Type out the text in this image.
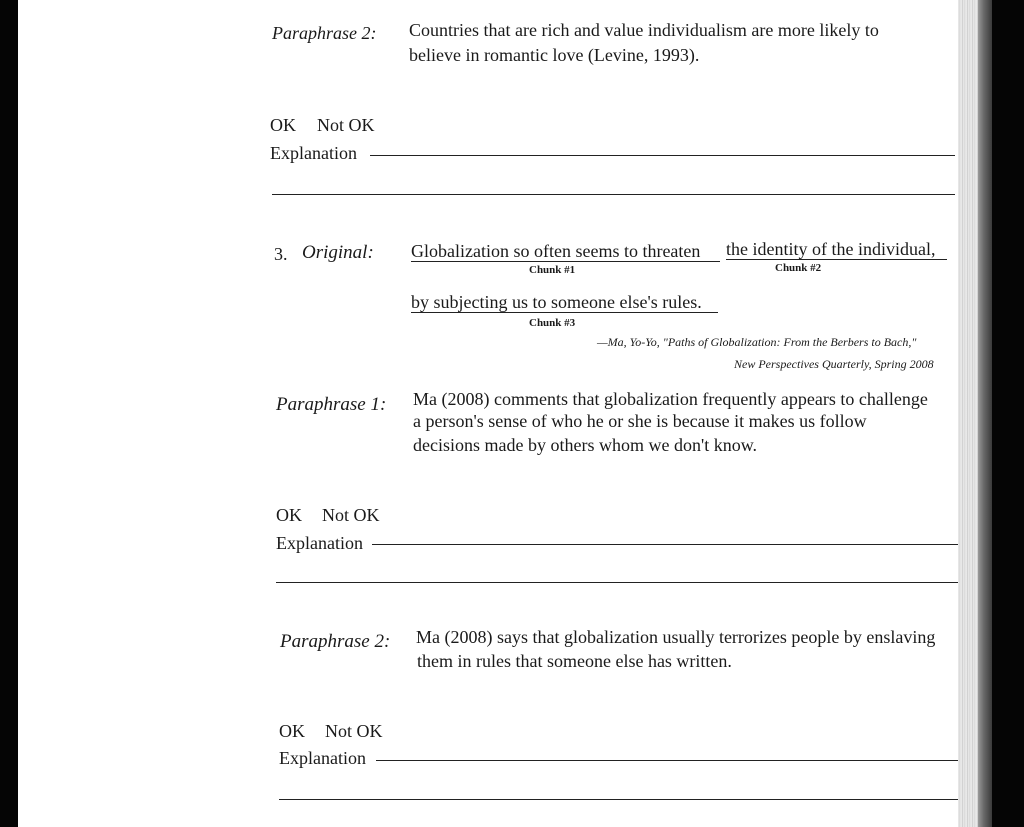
Paraphrase 2: Countries that are rich and value individualism are more likely to
believe in romantic love (Levine, 1993).
OK Not OK
Explanation
3. Original: Globalization so often seems to threaten
Chunk #1
the identity of the individual,
Chunk #2
by subjecting us to someone else's rules.
Chunk #3
—Ma, Yo-Yo, "Paths of Globalization: From the Berbers to Bach,"
New Perspectives Quarterly, Spring 2008
Paraphrase 1: Ma (2008) comments that globalization frequently appears to challenge
a person's sense of who he or she is because it makes us follow
decisions made by others whom we don't know.
OK Not OK
Explanation
Paraphrase 2: Ma (2008) says that globalization usually terrorizes people by enslaving
them in rules that someone else has written.
OK Not OK
Explanation
